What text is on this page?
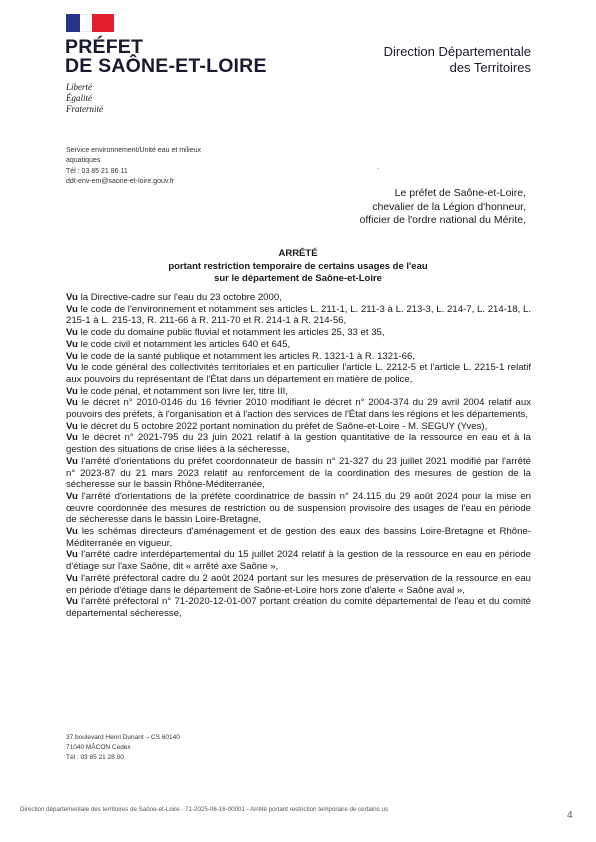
PRÉFET
DE SAÔNE-ET-LOIRE
Liberté
Égalité
Fraternité
Direction Départementale
des Territoires
Service environnement/Unité eau et milieux
aquatiques
Tél : 03 85 21 86 11
ddt-env-em@saone-et-loire.gouv.fr
.
Le préfet de Saône-et-Loire,
chevalier de la Légion d'honneur,
officier de l'ordre national du Mérite,
ARRÊTÉ
portant restriction temporaire de certains usages de l'eau
sur le département de Saône-et-Loire

Vu la Directive-cadre sur l'eau du 23 octobre 2000,

Vu le code de l'environnement et notamment ses articles L. 211-1, L. 211-3 à L. 213-3, L. 214-7, L. 214-18, L. 215-1 à L. 215-13, R. 211-66 à R. 211-70 et R. 214-1 à R. 214-56,

Vu le code du domaine public fluvial et notamment les articles 25, 33 et 35,

Vu le code civil et notamment les articles 640 et 645,

Vu le code de la santé publique et notamment les articles R. 1321-1 à R. 1321-66,

Vu le code général des collectivités territoriales et en particulier l'article L. 2212-5 et l'article L. 2215-1 relatif aux pouvoirs du représentant de l'État dans un département en matière de police,

Vu le code pénal, et notamment son livre Ier, titre III,

Vu le décret n° 2010-0146 du 16 février 2010 modifiant le décret n° 2004-374 du 29 avril 2004 relatif aux pouvoirs des préfets, à l'organisation et à l'action des services de l'État dans les régions et les départements,

Vu le décret du 5 octobre 2022 portant nomination du préfet de Saône-et-Loire - M. SEGUY (Yves),

Vu le décret n° 2021-795 du 23 juin 2021 relatif à la gestion quantitative de la ressource en eau et à la gestion des situations de crise liées à la sécheresse,

Vu l'arrêté d'orientations du préfet coordonnateur de bassin n° 21-327 du 23 juillet 2021 modifié par l'arrêté n° 2023-87 du 21 mars 2023 relatif au renforcement de la coordination des mesures de gestion de la sécheresse sur le bassin Rhône-Méditerranée,

Vu l'arrêté d'orientations de la préfète coordinatrice de bassin n° 24.115 du 29 août 2024 pour la mise en œuvre coordonnée des mesures de restriction ou de suspension provisoire des usages de l'eau en période de sécheresse dans le bassin Loire-Bretagne,

Vu les schémas directeurs d'aménagement et de gestion des eaux des bassins Loire-Bretagne et Rhône-Méditerranée en vigueur,

Vu l'arrêté cadre interdépartemental du 15 juillet 2024 relatif à la gestion de la ressource en eau en période d'étiage sur l'axe Saône, dit « arrêté axe Saône »,

Vu l'arrêté préfectoral cadre du 2 août 2024 portant sur les mesures de préservation de la ressource en eau en période d'étiage dans le département de Saône-et-Loire hors zone d'alerte « Saône aval »,

Vu l'arrêté préfectoral n° 71-2020-12-01-007 portant création du comité départemental de l'eau et du comité départemental sécheresse,

37 boulevard Henri Dunant – CS 60140
71040 MÂCON Cedex
Tél : 03 85 21 28 00
Direction départementale des territoires de Saône-et-Loire - 71-2025-06-16-00001 - Arrêté portant restriction temporaire de certains us
4
